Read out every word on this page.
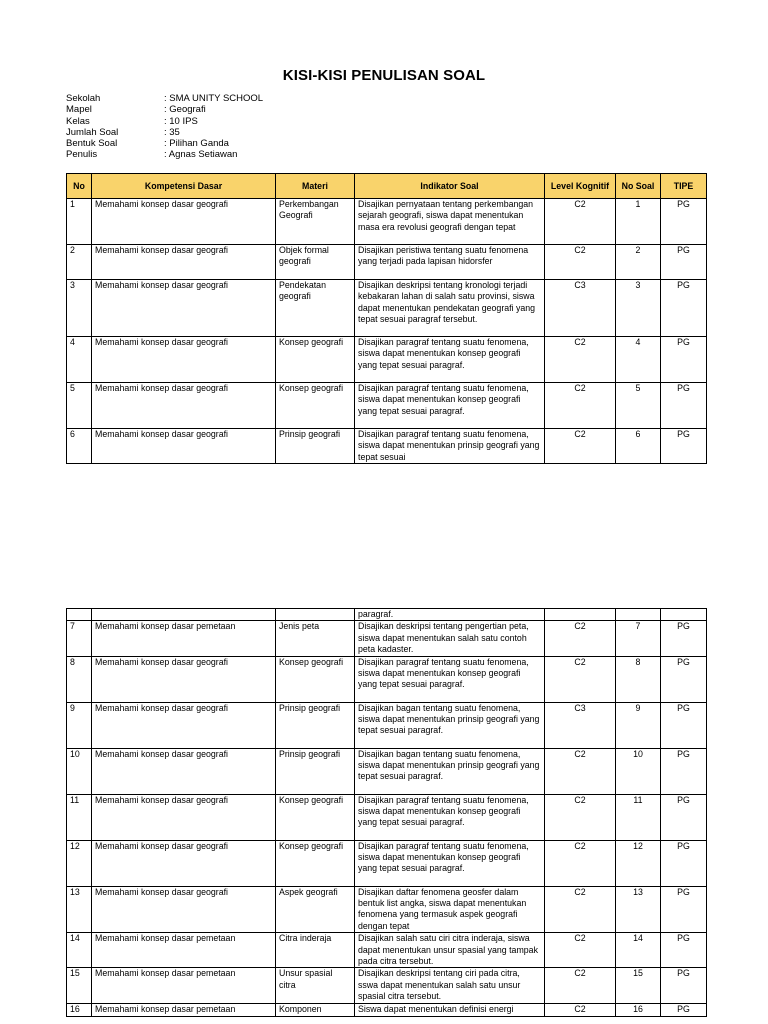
KISI-KISI PENULISAN SOAL
Sekolah	: SMA UNITY SCHOOL
Mapel	: Geografi
Kelas	: 10 IPS
Jumlah Soal	: 35
Bentuk Soal	: Pilihan Ganda
Penulis	: Agnas Setiawan
No	Kompetensi Dasar	Materi	Indikator Soal	Level Kognitif	No Soal	TIPE
1	Memahami konsep dasar geografi	Perkembangan Geografi	Disajikan pernyataan tentang perkembangan sejarah geografi, siswa dapat menentukan masa era revolusi geografi dengan tepat	C2	1	PG
2	Memahami konsep dasar geografi	Objek formal geografi	Disajikan peristiwa tentang suatu fenomena yang terjadi pada lapisan hidorsfer	C2	2	PG
3	Memahami konsep dasar geografi	Pendekatan geografi	Disajikan deskripsi tentang kronologi terjadi kebakaran lahan di salah satu provinsi, siswa dapat menentukan pendekatan geografi yang tepat sesuai paragraf tersebut.	C3	3	PG
4	Memahami konsep dasar geografi	Konsep geografi	Disajikan paragraf tentang suatu fenomena, siswa dapat menentukan konsep geografi yang tepat sesuai paragraf.	C2	4	PG
5	Memahami konsep dasar geografi	Konsep geografi	Disajikan paragraf tentang suatu fenomena, siswa dapat menentukan konsep geografi yang tepat sesuai paragraf.	C2	5	PG
6	Memahami konsep dasar geografi	Prinsip geografi	Disajikan paragraf tentang suatu fenomena, siswa dapat menentukan prinsip geografi yang tepat sesuai	C2	6	PG
			paragraf.			
7	Memahami konsep dasar pemetaan	Jenis peta	Disajikan deskripsi tentang pengertian peta, siswa dapat menentukan salah satu contoh peta kadaster.	C2	7	PG
8	Memahami konsep dasar geografi	Konsep geografi	Disajikan paragraf tentang suatu fenomena, siswa dapat menentukan konsep geografi yang tepat sesuai paragraf.	C2	8	PG
9	Memahami konsep dasar geografi	Prinsip geografi	Disajikan bagan tentang suatu fenomena, siswa dapat menentukan prinsip geografi yang tepat sesuai paragraf.	C3	9	PG
10	Memahami konsep dasar geografi	Prinsip geografi	Disajikan bagan tentang suatu fenomena, siswa dapat menentukan prinsip geografi yang tepat sesuai paragraf.	C2	10	PG
11	Memahami konsep dasar geografi	Konsep geografi	Disajikan paragraf tentang suatu fenomena, siswa dapat menentukan konsep geografi yang tepat sesuai paragraf.	C2	11	PG
12	Memahami konsep dasar geografi	Konsep geografi	Disajikan paragraf tentang suatu fenomena, siswa dapat menentukan konsep geografi yang tepat sesuai paragraf.	C2	12	PG
13	Memahami konsep dasar geografi	Aspek geografi	Disajikan daftar fenomena geosfer dalam bentuk list angka, siswa dapat menentukan fenomena yang termasuk aspek geografi dengan tepat	C2	13	PG
14	Memahami konsep dasar pemetaan	Citra inderaja	Disajikan salah satu ciri citra inderaja, siswa dapat menentukan unsur spasial yang tampak pada citra tersebut.	C2	14	PG
15	Memahami konsep dasar pemetaan	Unsur spasial citra	Disajikan deskripsi tentang ciri pada citra, sswa dapat menentukan salah satu unsur spasial citra tersebut.	C2	15	PG
16	Memahami konsep dasar pemetaan	Komponen	Siswa dapat menentukan definisi energi	C2	16	PG
